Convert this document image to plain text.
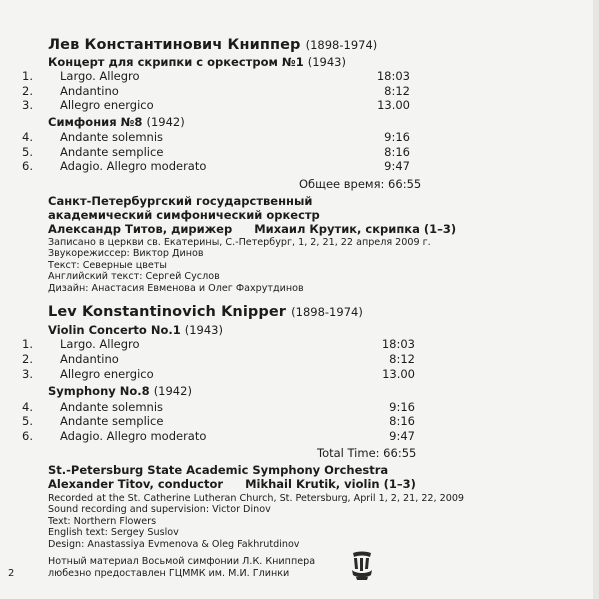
Лев Константинович Книппер (1898-1974)
Концерт для скрипки с оркестром №1 (1943)
1. Largo. Allegro	18:03
2. Andantino	8:12
3. Allegro energico	13.00
Симфония №8 (1942)
4. Andante solemnis	9:16
5. Andante semplice	8:16
6. Adagio. Allegro moderato	9:47
Общее время: 66:55
Санкт-Петербургский государственный
академический симфонический оркестр
Александр Титов, дирижер Михаил Крутик, скрипка (1–3)
Записано в церкви св. Екатерины, С.-Петербург, 1, 2, 21, 22 апреля 2009 г.
Звукорежиссер: Виктор Динов
Текст: Северные цветы
Английский текст: Сергей Суслов
Дизайн: Анастасия Евменова и Олег Фахрутдинов
Lev Konstantinovich Knipper (1898-1974)
Violin Concerto No.1 (1943)
1. Largo. Allegro	18:03
2. Andantino	8:12
3. Allegro energico	13.00
Symphony No.8 (1942)
4. Andante solemnis	9:16
5. Andante semplice	8:16
6. Adagio. Allegro moderato	9:47
Total Time: 66:55
St.-Petersburg State Academic Symphony Orchestra
Alexander Titov, conductor Mikhail Krutik, violin (1–3)
Recorded at the St. Catherine Lutheran Church, St. Petersburg, April 1, 2, 21, 22, 2009
Sound recording and supervision: Victor Dinov
Text: Northern Flowers
English text: Sergey Suslov
Design: Anastassiya Evmenova & Oleg Fakhrutdinov
Нотный материал Восьмой симфонии Л.К. Книппера
любезно предоставлен ГЦММК им. М.И. Глинки
2
